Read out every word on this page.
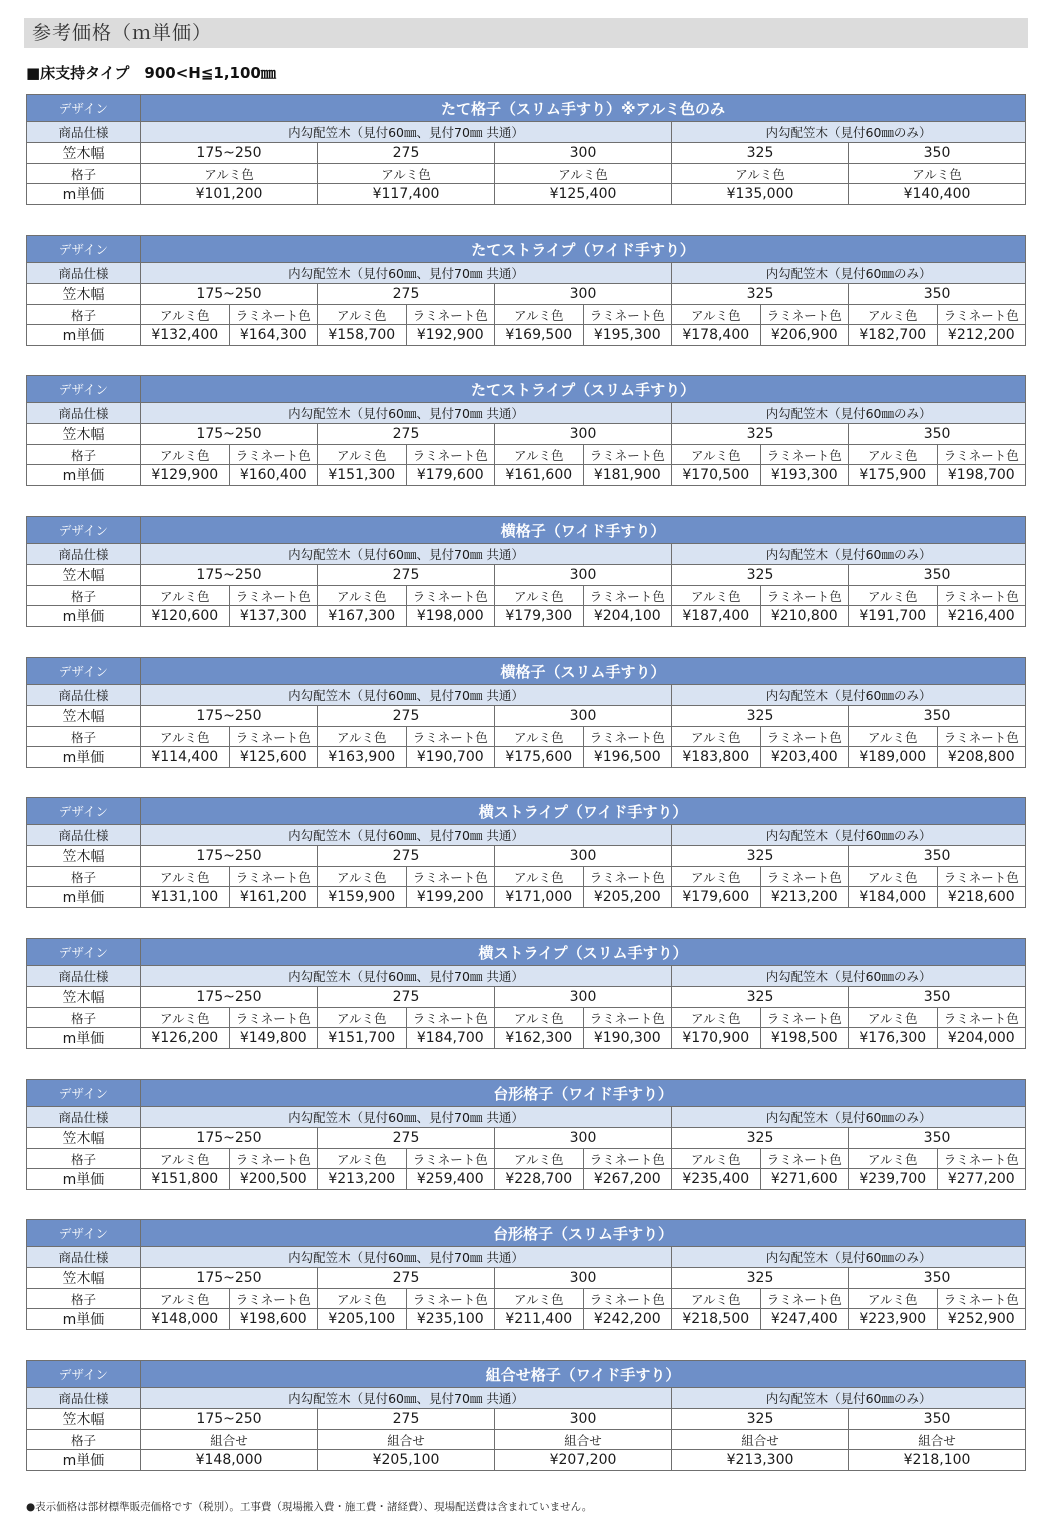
参考価格（ｍ単価）
■床支持タイプ　900<H≦1,100㎜
デザイン	たて格子（スリム手すり）※アルミ色のみ				
商品仕様	内勾配笠木（見付60㎜、見付70㎜ 共通）			内勾配笠木（見付60㎜のみ）	
笠木幅	175~250	275	300	325	350
格子	アルミ色	アルミ色	アルミ色	アルミ色	アルミ色
m単価	¥101,200	¥117,400	¥125,400	¥135,000	¥140,400
デザイン	たてストライプ（ワイド手すり）									
商品仕様	内勾配笠木（見付60㎜、見付70㎜ 共通）						内勾配笠木（見付60㎜のみ）			
笠木幅	175~250		275		300		325		350	
格子	アルミ色	ラミネート色	アルミ色	ラミネート色	アルミ色	ラミネート色	アルミ色	ラミネート色	アルミ色	ラミネート色
m単価	¥132,400	¥164,300	¥158,700	¥192,900	¥169,500	¥195,300	¥178,400	¥206,900	¥182,700	¥212,200
デザイン	たてストライプ（スリム手すり）									
商品仕様	内勾配笠木（見付60㎜、見付70㎜ 共通）						内勾配笠木（見付60㎜のみ）			
笠木幅	175~250		275		300		325		350	
格子	アルミ色	ラミネート色	アルミ色	ラミネート色	アルミ色	ラミネート色	アルミ色	ラミネート色	アルミ色	ラミネート色
m単価	¥129,900	¥160,400	¥151,300	¥179,600	¥161,600	¥181,900	¥170,500	¥193,300	¥175,900	¥198,700
デザイン	横格子（ワイド手すり）									
商品仕様	内勾配笠木（見付60㎜、見付70㎜ 共通）						内勾配笠木（見付60㎜のみ）			
笠木幅	175~250		275		300		325		350	
格子	アルミ色	ラミネート色	アルミ色	ラミネート色	アルミ色	ラミネート色	アルミ色	ラミネート色	アルミ色	ラミネート色
m単価	¥120,600	¥137,300	¥167,300	¥198,000	¥179,300	¥204,100	¥187,400	¥210,800	¥191,700	¥216,400
デザイン	横格子（スリム手すり）									
商品仕様	内勾配笠木（見付60㎜、見付70㎜ 共通）						内勾配笠木（見付60㎜のみ）			
笠木幅	175~250		275		300		325		350	
格子	アルミ色	ラミネート色	アルミ色	ラミネート色	アルミ色	ラミネート色	アルミ色	ラミネート色	アルミ色	ラミネート色
m単価	¥114,400	¥125,600	¥163,900	¥190,700	¥175,600	¥196,500	¥183,800	¥203,400	¥189,000	¥208,800
デザイン	横ストライプ（ワイド手すり）									
商品仕様	内勾配笠木（見付60㎜、見付70㎜ 共通）						内勾配笠木（見付60㎜のみ）			
笠木幅	175~250		275		300		325		350	
格子	アルミ色	ラミネート色	アルミ色	ラミネート色	アルミ色	ラミネート色	アルミ色	ラミネート色	アルミ色	ラミネート色
m単価	¥131,100	¥161,200	¥159,900	¥199,200	¥171,000	¥205,200	¥179,600	¥213,200	¥184,000	¥218,600
デザイン	横ストライプ（スリム手すり）									
商品仕様	内勾配笠木（見付60㎜、見付70㎜ 共通）						内勾配笠木（見付60㎜のみ）			
笠木幅	175~250		275		300		325		350	
格子	アルミ色	ラミネート色	アルミ色	ラミネート色	アルミ色	ラミネート色	アルミ色	ラミネート色	アルミ色	ラミネート色
m単価	¥126,200	¥149,800	¥151,700	¥184,700	¥162,300	¥190,300	¥170,900	¥198,500	¥176,300	¥204,000
デザイン	台形格子（ワイド手すり）									
商品仕様	内勾配笠木（見付60㎜、見付70㎜ 共通）						内勾配笠木（見付60㎜のみ）			
笠木幅	175~250		275		300		325		350	
格子	アルミ色	ラミネート色	アルミ色	ラミネート色	アルミ色	ラミネート色	アルミ色	ラミネート色	アルミ色	ラミネート色
m単価	¥151,800	¥200,500	¥213,200	¥259,400	¥228,700	¥267,200	¥235,400	¥271,600	¥239,700	¥277,200
デザイン	台形格子（スリム手すり）									
商品仕様	内勾配笠木（見付60㎜、見付70㎜ 共通）						内勾配笠木（見付60㎜のみ）			
笠木幅	175~250		275		300		325		350	
格子	アルミ色	ラミネート色	アルミ色	ラミネート色	アルミ色	ラミネート色	アルミ色	ラミネート色	アルミ色	ラミネート色
m単価	¥148,000	¥198,600	¥205,100	¥235,100	¥211,400	¥242,200	¥218,500	¥247,400	¥223,900	¥252,900
デザイン	組合せ格子（ワイド手すり）				
商品仕様	内勾配笠木（見付60㎜、見付70㎜ 共通）			内勾配笠木（見付60㎜のみ）	
笠木幅	175~250	275	300	325	350
格子	組合せ	組合せ	組合せ	組合せ	組合せ
m単価	¥148,000	¥205,100	¥207,200	¥213,300	¥218,100
●表示価格は部材標準販売価格です（税別）。工事費（現場搬入費・施工費・諸経費）、現場配送費は含まれていません。
